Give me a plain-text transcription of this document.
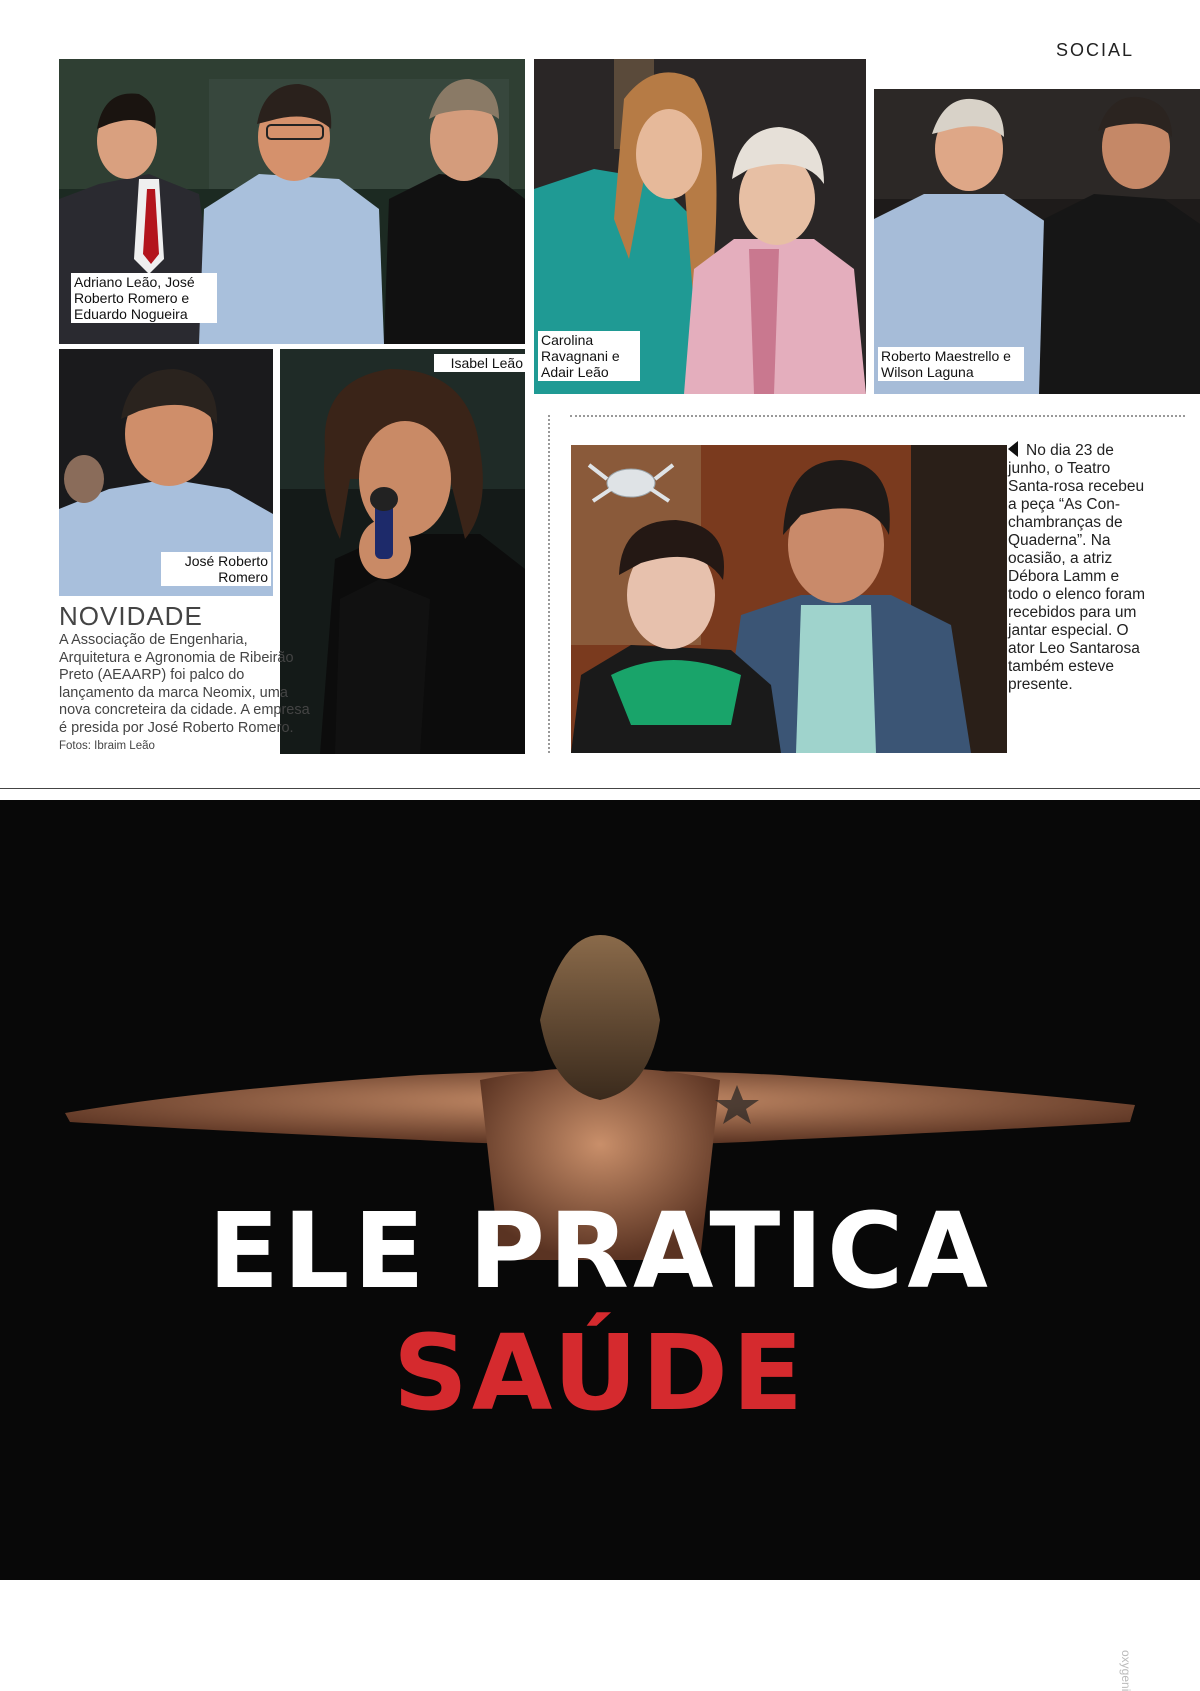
SOCIAL
Adriano Leão, José Roberto Romero e Eduardo Nogueira
Carolina Ravagnani e Adair Leão
Roberto Maestrello e Wilson Laguna
José Roberto Romero
Isabel Leão
NOVIDADE
A Associação de Engenharia, Arquitetura e Agronomia de Ribeirão Preto (AEAARP) foi palco do lançamento da marca Neomix, uma nova concreteira da cidade. A empresa é presida por José Roberto Romero. Fotos: Ibraim Leão
No dia 23 de junho, o Teatro Santa-rosa recebeu a peça “As Con-chambranças de Quaderna”. Na ocasião, a atriz Débora Lamm e todo o elenco foram recebidos para um jantar especial. O ator Leo Santarosa também esteve presente.
oxygeni
ELE PRATICA SAÚDE
